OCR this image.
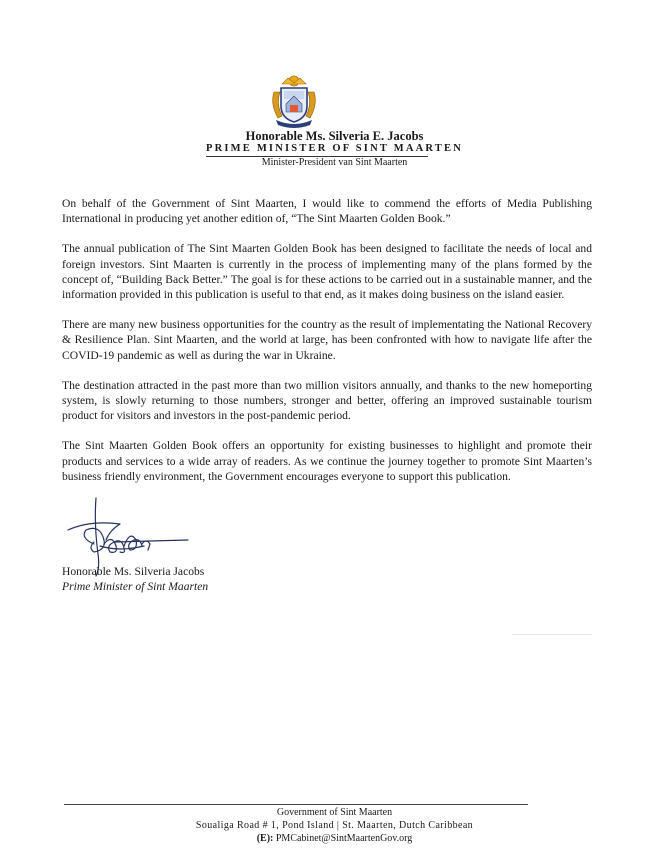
Honorable Ms. Silveria E. Jacobs
PRIME MINISTER OF SINT MAARTEN
Minister-President van Sint Maarten

On behalf of the Government of Sint Maarten, I would like to commend the efforts of Media Publishing International in producing yet another edition of, “The Sint Maarten Golden Book.”

The annual publication of The Sint Maarten Golden Book has been designed to facilitate the needs of local and foreign investors. Sint Maarten is currently in the process of implementing many of the plans formed by the concept of, “Building Back Better.” The goal is for these actions to be carried out in a sustainable manner, and the information provided in this publication is useful to that end, as it makes doing business on the island easier.

There are many new business opportunities for the country as the result of implementating the National Recovery & Resilience Plan. Sint Maarten, and the world at large, has been confronted with how to navigate life after the COVID-19 pandemic as well as during the war in Ukraine.

The destination attracted in the past more than two million visitors annually, and thanks to the new homeporting system, is slowly returning to those numbers, stronger and better, offering an improved sustainable tourism product for visitors and investors in the post-pandemic period.

The Sint Maarten Golden Book offers an opportunity for existing businesses to highlight and promote their products and services to a wide array of readers. As we continue the journey together to promote Sint Maarten’s business friendly environment, the Government encourages everyone to support this publication.

Honorable Ms. Silveria Jacobs
Prime Minister of Sint Maarten
Government of Sint Maarten
Soualiga Road # 1, Pond Island | St. Maarten, Dutch Caribbean
(E): PMCabinet@SintMaartenGov.org
